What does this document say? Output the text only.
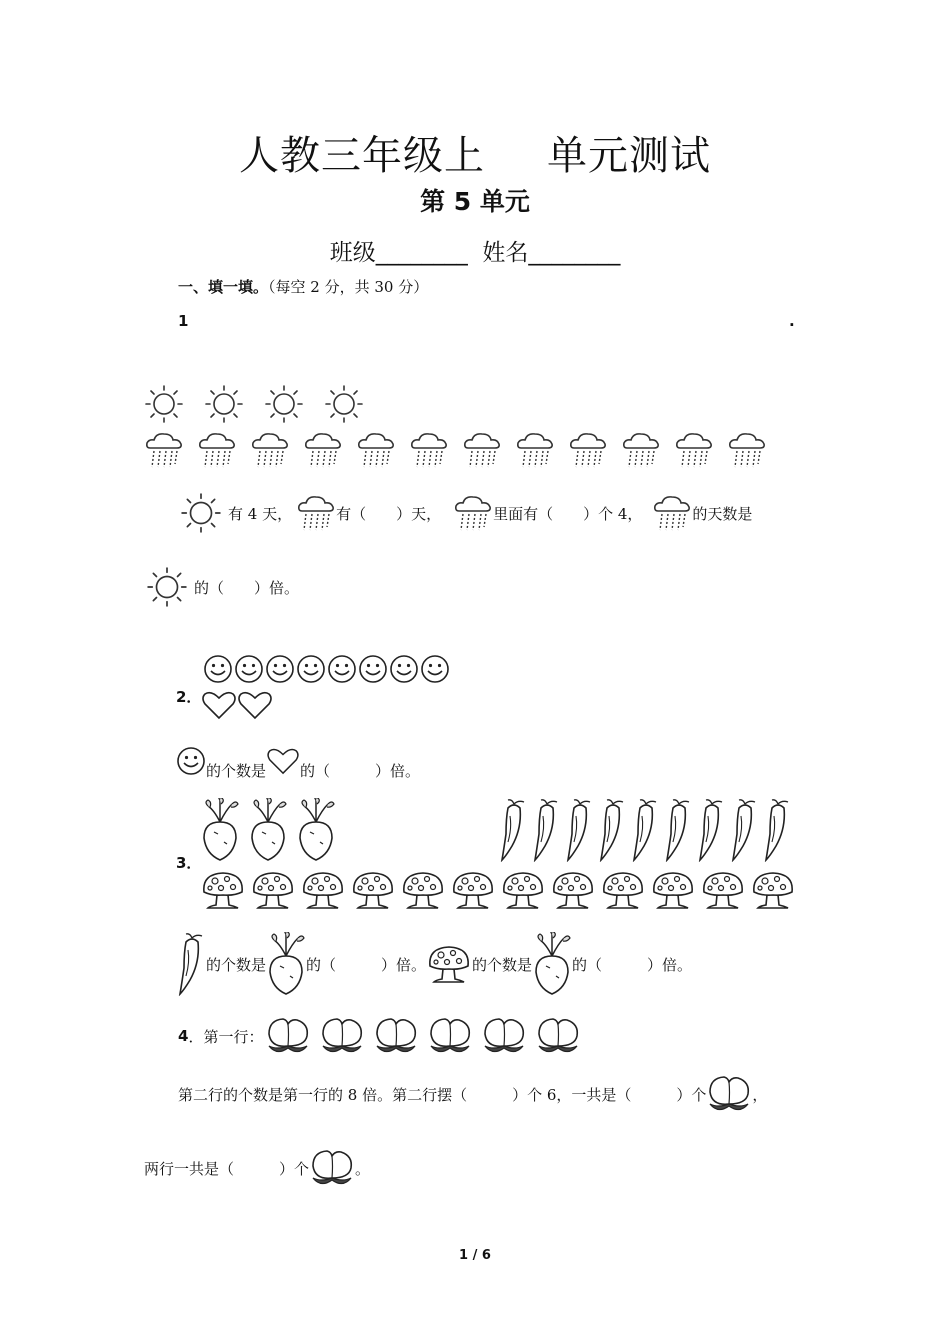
人教三年级上 单元测试
第 5 单元
班级________ 姓名________
一、填一填。（每空 2 分，共 30 分）
1	.
有 4 天，	有（　　）天，	里面有（　　）个 4，	的天数是
的（　　）倍。
2．
的个数是 的（　　　）倍。
3．
的个数是	的（　　　）倍。	的个数是	的（　　　）倍。
4 ．第一行：
第二行的个数是第一行的 8 倍。第二行摆（　　　）个 6，一共是（　　　）个	，
两行一共是（　　　）个	。
1 / 6
